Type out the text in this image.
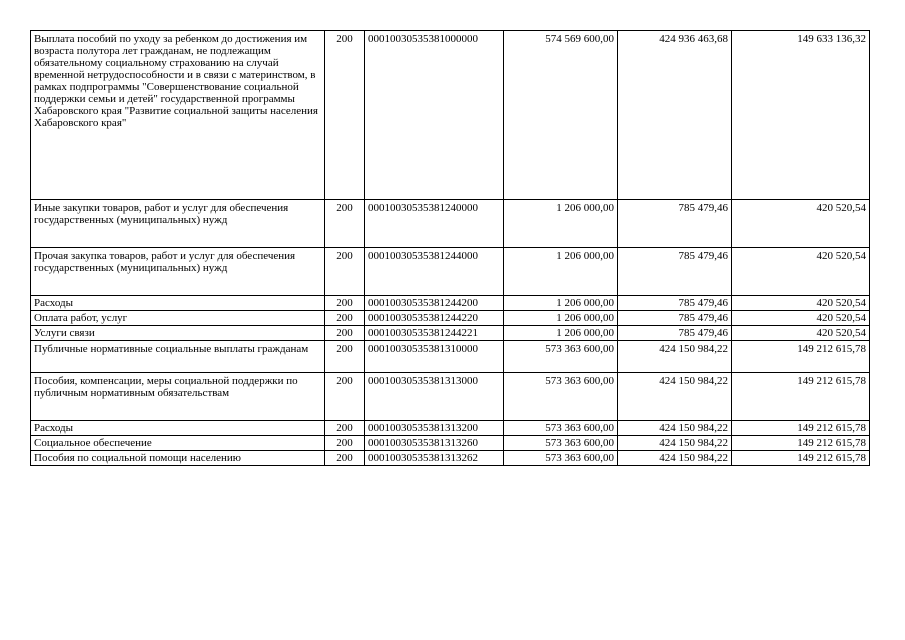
Выплата пособий по уходу за ребенком до достижения им возраста полутора лет гражданам, не подлежащим обязательному социальному страхованию на случай временной нетрудоспособности и в связи с материнством, в рамках подпрограммы "Совершенствование социальной поддержки семьи и детей" государственной программы Хабаровского края "Развитие социальной защиты населения Хабаровского края"	200	00010030535381000000	574 569 600,00	424 936 463,68	149 633 136,32
Иные закупки товаров, работ и услуг для обеспечения государственных (муниципальных) нужд	200	00010030535381240000	1 206 000,00	785 479,46	420 520,54
Прочая закупка товаров, работ и услуг для обеспечения государственных (муниципальных) нужд	200	00010030535381244000	1 206 000,00	785 479,46	420 520,54
Расходы	200	00010030535381244200	1 206 000,00	785 479,46	420 520,54
Оплата работ, услуг	200	00010030535381244220	1 206 000,00	785 479,46	420 520,54
Услуги связи	200	00010030535381244221	1 206 000,00	785 479,46	420 520,54
Публичные нормативные социальные выплаты гражданам	200	00010030535381310000	573 363 600,00	424 150 984,22	149 212 615,78
Пособия, компенсации, меры социальной поддержки по публичным нормативным обязательствам	200	00010030535381313000	573 363 600,00	424 150 984,22	149 212 615,78
Расходы	200	00010030535381313200	573 363 600,00	424 150 984,22	149 212 615,78
Социальное обеспечение	200	00010030535381313260	573 363 600,00	424 150 984,22	149 212 615,78
Пособия по социальной помощи населению	200	00010030535381313262	573 363 600,00	424 150 984,22	149 212 615,78
